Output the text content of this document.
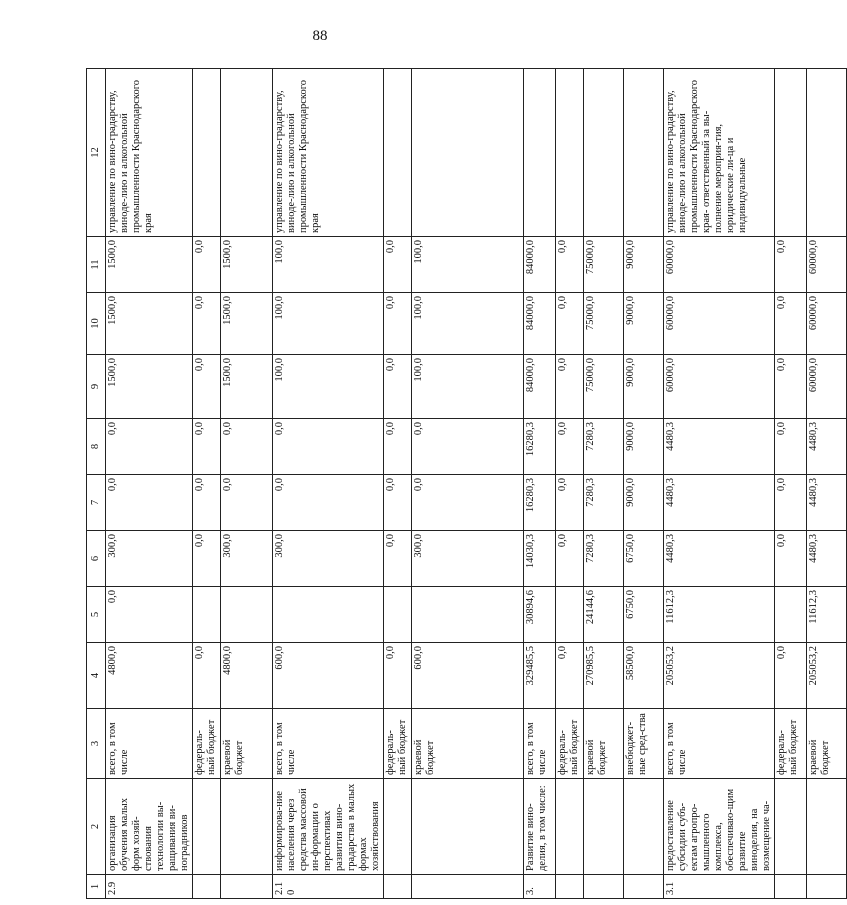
88
1	2	3	4	5	6	7	8	9	10	11	12
2.9	организация обучения малых форм хозяй-ствования технологии вы-ращивания ви-ноградников	всего, в том числе	4800,0	0,0	300,0	0,0	0,0	1500,0	1500,0	1500,0	управление по вино-градарству, виноде-лию и алкогольной промышленности Краснодарского края
		федераль-ный бюджет	0,0		0,0	0,0	0,0	0,0	0,0	0,0	
		краевой бюджет	4800,0		300,0	0,0	0,0	1500,0	1500,0	1500,0	
2.10	информирова-ние населения через средства массовой ин-формации о перспективах развития вино-градарства в малых формах хозяйствования	всего, в том числе	600,0		300,0	0,0	0,0	100,0	100,0	100,0	управление по вино-градарству, виноде-лию и алкогольной промышленности Краснодарского края
		федераль-ный бюджет	0,0		0,0	0,0	0,0	0,0	0,0	0,0	
		краевой бюджет	600,0		300,0	0,0	0,0	100,0	100,0	100,0	
3.	Развитие вино-делия, в том числе:	всего, в том числе	329485,5	30894,6	14030,3	16280,3	16280,3	84000,0	84000,0	84000,0	
		федераль-ный бюджет	0,0		0,0	0,0	0,0	0,0	0,0	0,0	
		краевой бюджет	270985,5	24144,6	7280,3	7280,3	7280,3	75000,0	75000,0	75000,0	
		внебюджет-ные сред-ства	58500,0	6750,0	6750,0	9000,0	9000,0	9000,0	9000,0	9000,0	
3.1	предоставление субсидии субъ-ектам агропро-мышленного комплекса, обеспечиваю-щим развитие виноделия, на возмещение ча-	всего, в том числе	205053,2	11612,3	4480,3	4480,3	4480,3	60000,0	60000,0	60000,0	управление по вино-градарству, виноде-лию и алкогольной промышленности Краснодарского края- ответственный за вы-полнение мероприя-тия, юридические ли-ца и индивидуальные
		федераль-ный бюджет	0,0		0,0	0,0	0,0	0,0	0,0	0,0	
		краевой бюджет	205053,2	11612,3	4480,3	4480,3	4480,3	60000,0	60000,0	60000,0	
